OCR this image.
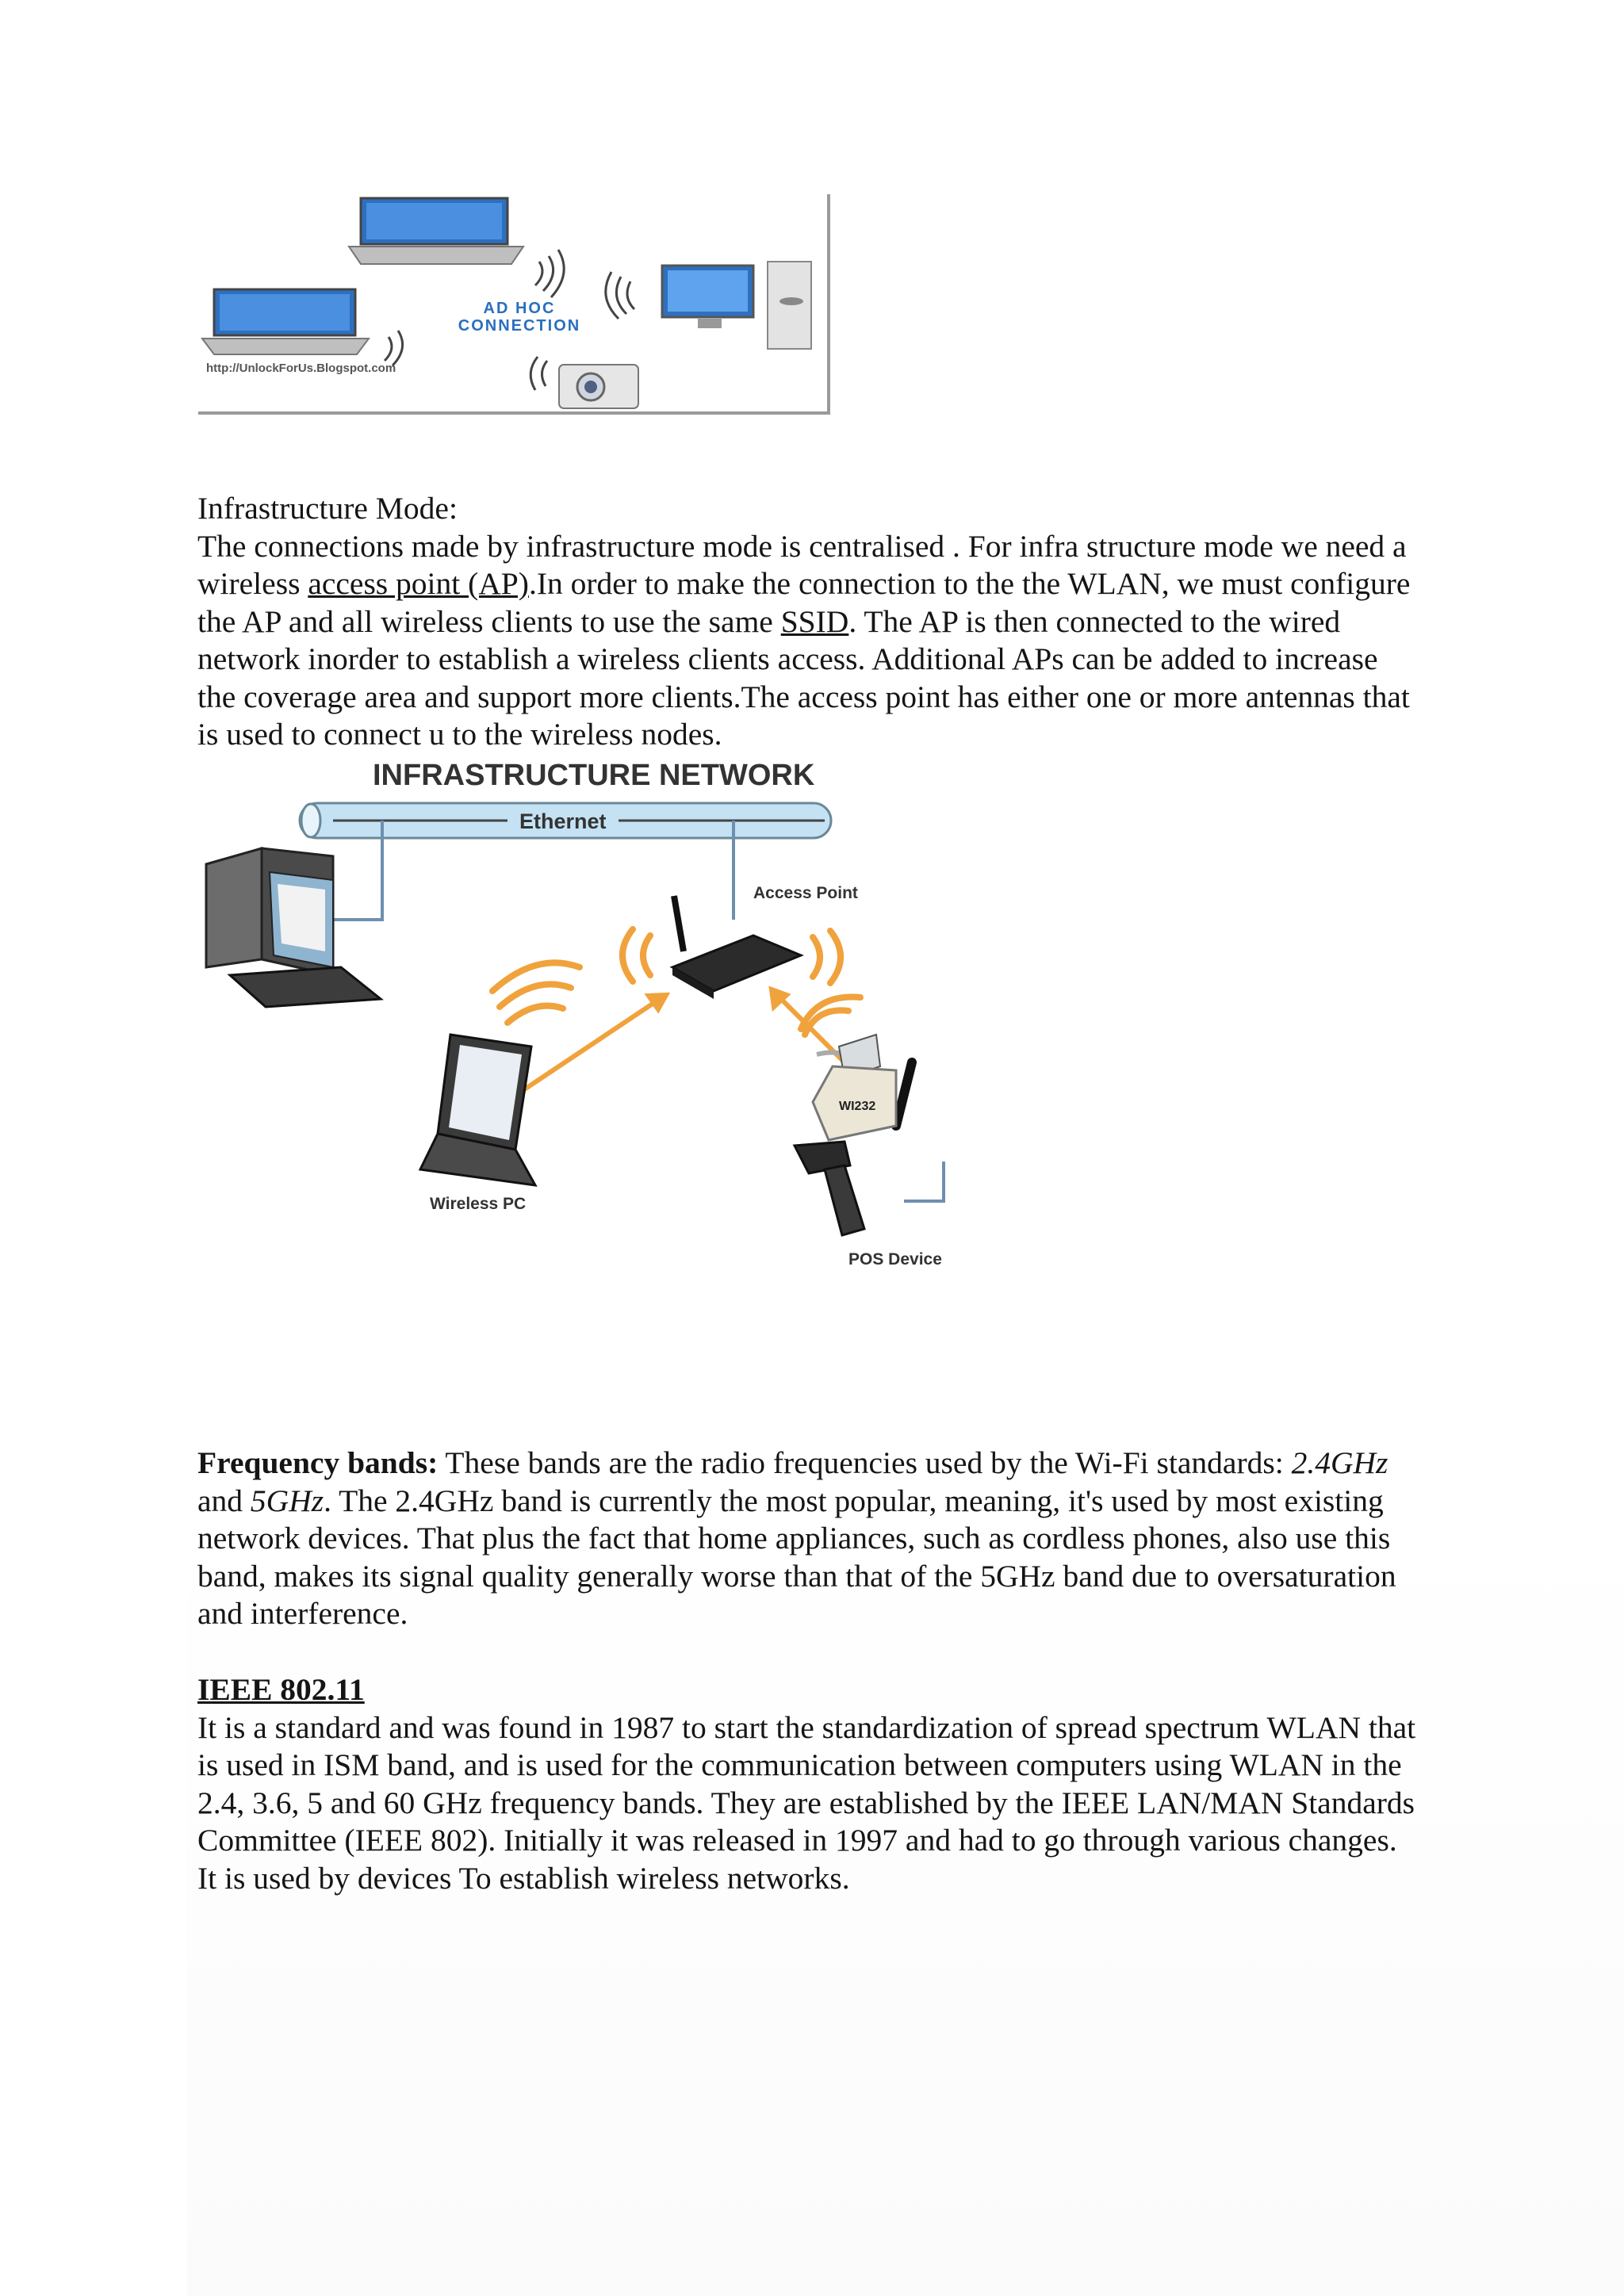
AD HOC
CONNECTION
http://UnlockForUs.Blogspot.com

Infrastructure Mode:

The connections made by infrastructure mode is centralised . For infra structure mode we need a wireless access point (AP).In order to make the connection to the the WLAN, we must configure the AP and all wireless clients to use the same SSID. The AP is then connected to the wired network inorder to establish a wireless clients access. Additional APs can be added to increase the coverage area and support more clients.The access point has either one or more antennas that is used to connect u to the wireless nodes.

INFRASTRUCTURE NETWORK
Ethernet
Access Point
Wireless PC
WI232
POS Device

Frequency bands: These bands are the radio frequencies used by the Wi-Fi standards: 2.4GHz and 5GHz. The 2.4GHz band is currently the most popular, meaning, it's used by most existing network devices. That plus the fact that home appliances, such as cordless phones, also use this band, makes its signal quality generally worse than that of the 5GHz band due to oversaturation and interference.

IEEE 802.11

It is a standard and was found in 1987 to start the standardization of spread spectrum WLAN that is used in ISM band, and is used for the communication between computers using WLAN in the 2.4, 3.6, 5 and 60 GHz frequency bands. They are established by the IEEE LAN/MAN Standards Committee (IEEE 802). Initially it was released in 1997 and had to go through various changes. It is used by devices To establish wireless networks.
